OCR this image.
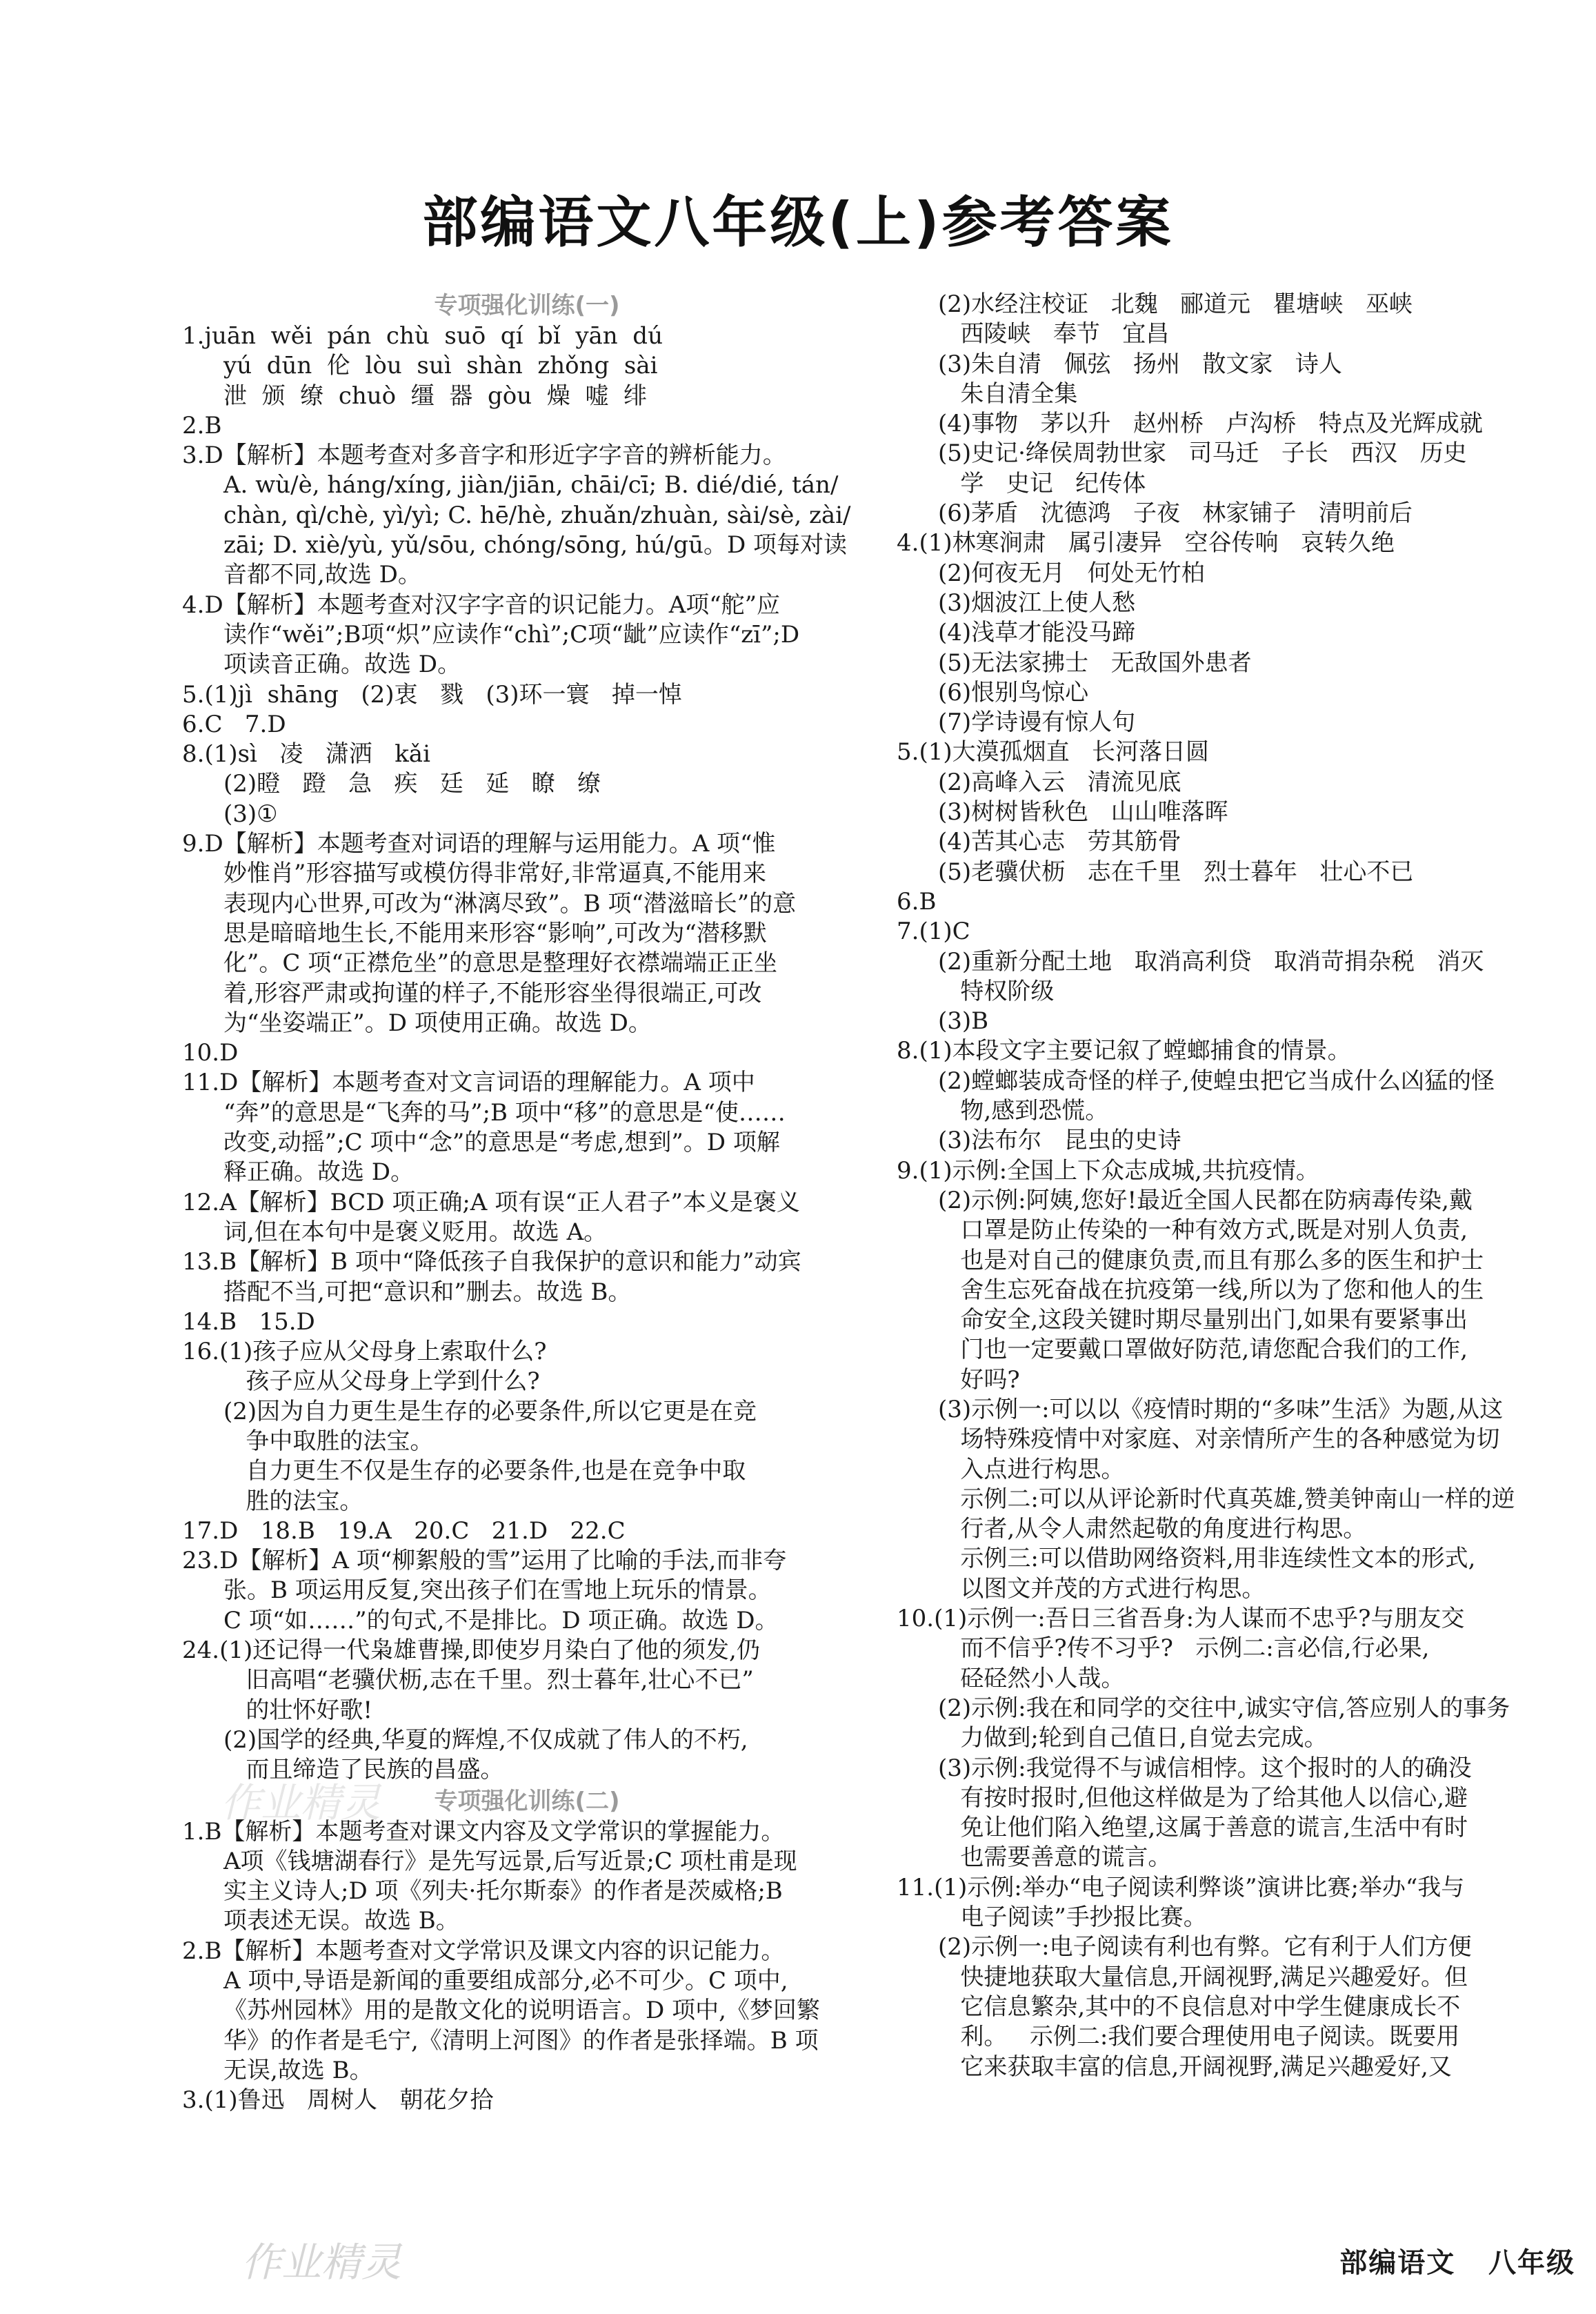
部编语文八年级(上)参考答案
专项强化训练(一)
1.juān  wěi  pán  chù  suō  qí  bǐ  yān  dú
yú  dūn  伦  lòu  suì  shàn  zhǒng  sài
泄  颁  缭  chuò  缰  器  gòu  燥  嘘  绯
2.B
3.D【解析】本题考查对多音字和形近字字音的辨析能力。
A. wù/è, háng/xíng, jiàn/jiān, chāi/cī; B. dié/dié, tán/
chàn, qì/chè, yì/yì; C. hē/hè, zhuǎn/zhuàn, sài/sè, zài/
zāi; D. xiè/yù, yǔ/sōu, chóng/sōng, hú/gū。D 项每对读
音都不同,故选 D。
4.D【解析】本题考查对汉字字音的识记能力。A项“舵”应
读作“wěi”;B项“炽”应读作“chì”;C项“龇”应读作“zī”;D
项读音正确。故选 D。
5.(1)jì  shāng   (2)衷   戮   (3)环一寰   掉一悼
6.C   7.D
8.(1)sì   凌   潇洒   kǎi
(2)瞪   蹬   急   疾   廷   延   瞭   缭
(3)①
9.D【解析】本题考查对词语的理解与运用能力。A 项“惟
妙惟肖”形容描写或模仿得非常好,非常逼真,不能用来
表现内心世界,可改为“淋漓尽致”。B 项“潜滋暗长”的意
思是暗暗地生长,不能用来形容“影响”,可改为“潜移默
化”。C 项“正襟危坐”的意思是整理好衣襟端端正正坐
着,形容严肃或拘谨的样子,不能形容坐得很端正,可改
为“坐姿端正”。D 项使用正确。故选 D。
10.D
11.D【解析】本题考查对文言词语的理解能力。A 项中
“奔”的意思是“飞奔的马”;B 项中“移”的意思是“使……
改变,动摇”;C 项中“念”的意思是“考虑,想到”。D 项解
释正确。故选 D。
12.A【解析】BCD 项正确;A 项有误“正人君子”本义是褒义
词,但在本句中是褒义贬用。故选 A。
13.B【解析】B 项中“降低孩子自我保护的意识和能力”动宾
搭配不当,可把“意识和”删去。故选 B。
14.B   15.D
16.(1)孩子应从父母身上索取什么?
孩子应从父母身上学到什么?
(2)因为自力更生是生存的必要条件,所以它更是在竞
争中取胜的法宝。
自力更生不仅是生存的必要条件,也是在竞争中取
胜的法宝。
17.D   18.B   19.A   20.C   21.D   22.C
23.D【解析】A 项“柳絮般的雪”运用了比喻的手法,而非夸
张。B 项运用反复,突出孩子们在雪地上玩乐的情景。
C 项“如……”的句式,不是排比。D 项正确。故选 D。
24.(1)还记得一代枭雄曹操,即使岁月染白了他的须发,仍
旧高唱“老骥伏枥,志在千里。烈士暮年,壮心不已”
的壮怀好歌!
(2)国学的经典,华夏的辉煌,不仅成就了伟人的不朽,
而且缔造了民族的昌盛。
专项强化训练(二)
1.B【解析】本题考查对课文内容及文学常识的掌握能力。
A项《钱塘湖春行》是先写远景,后写近景;C 项杜甫是现
实主义诗人;D 项《列夫·托尔斯泰》的作者是茨威格;B
项表述无误。故选 B。
2.B【解析】本题考查对文学常识及课文内容的识记能力。
A 项中,导语是新闻的重要组成部分,必不可少。C 项中,
《苏州园林》用的是散文化的说明语言。D 项中,《梦回繁
华》的作者是毛宁,《清明上河图》的作者是张择端。B 项
无误,故选 B。
3.(1)鲁迅   周树人   朝花夕拾
(2)水经注校证   北魏   郦道元   瞿塘峡   巫峡
西陵峡   奉节   宜昌
(3)朱自清   佩弦   扬州   散文家   诗人
朱自清全集
(4)事物   茅以升   赵州桥   卢沟桥   特点及光辉成就
(5)史记·绛侯周勃世家   司马迁   子长   西汉   历史
学   史记   纪传体
(6)茅盾   沈德鸿   子夜   林家铺子   清明前后
4.(1)林寒涧肃   属引凄异   空谷传响   哀转久绝
(2)何夜无月   何处无竹柏
(3)烟波江上使人愁
(4)浅草才能没马蹄
(5)无法家拂士   无敌国外患者
(6)恨别鸟惊心
(7)学诗谩有惊人句
5.(1)大漠孤烟直   长河落日圆
(2)高峰入云   清流见底
(3)树树皆秋色   山山唯落晖
(4)苦其心志   劳其筋骨
(5)老骥伏枥   志在千里   烈士暮年   壮心不已
6.B
7.(1)C
(2)重新分配土地   取消高利贷   取消苛捐杂税   消灭
特权阶级
(3)B
8.(1)本段文字主要记叙了螳螂捕食的情景。
(2)螳螂装成奇怪的样子,使蝗虫把它当成什么凶猛的怪
物,感到恐慌。
(3)法布尔   昆虫的史诗
9.(1)示例:全国上下众志成城,共抗疫情。
(2)示例:阿姨,您好!最近全国人民都在防病毒传染,戴
口罩是防止传染的一种有效方式,既是对别人负责,
也是对自己的健康负责,而且有那么多的医生和护士
舍生忘死奋战在抗疫第一线,所以为了您和他人的生
命安全,这段关键时期尽量别出门,如果有要紧事出
门也一定要戴口罩做好防范,请您配合我们的工作,
好吗?
(3)示例一:可以以《疫情时期的“多味”生活》为题,从这
场特殊疫情中对家庭、对亲情所产生的各种感觉为切
入点进行构思。
示例二:可以从评论新时代真英雄,赞美钟南山一样的逆
行者,从令人肃然起敬的角度进行构思。
示例三:可以借助网络资料,用非连续性文本的形式,
以图文并茂的方式进行构思。
10.(1)示例一:吾日三省吾身:为人谋而不忠乎?与朋友交
而不信乎?传不习乎?   示例二:言必信,行必果,
硁硁然小人哉。
(2)示例:我在和同学的交往中,诚实守信,答应别人的事务
力做到;轮到自己值日,自觉去完成。
(3)示例:我觉得不与诚信相悖。这个报时的人的确没
有按时报时,但他这样做是为了给其他人以信心,避
免让他们陷入绝望,这属于善意的谎言,生活中有时
也需要善意的谎言。
11.(1)示例:举办“电子阅读利弊谈”演讲比赛;举办“我与
电子阅读”手抄报比赛。
(2)示例一:电子阅读有利也有弊。它有利于人们方便
快捷地获取大量信息,开阔视野,满足兴趣爱好。但
它信息繁杂,其中的不良信息对中学生健康成长不
利。   示例二:我们要合理使用电子阅读。既要用
它来获取丰富的信息,开阔视野,满足兴趣爱好,又
作业精灵
作业精灵	部编语文   八年级
